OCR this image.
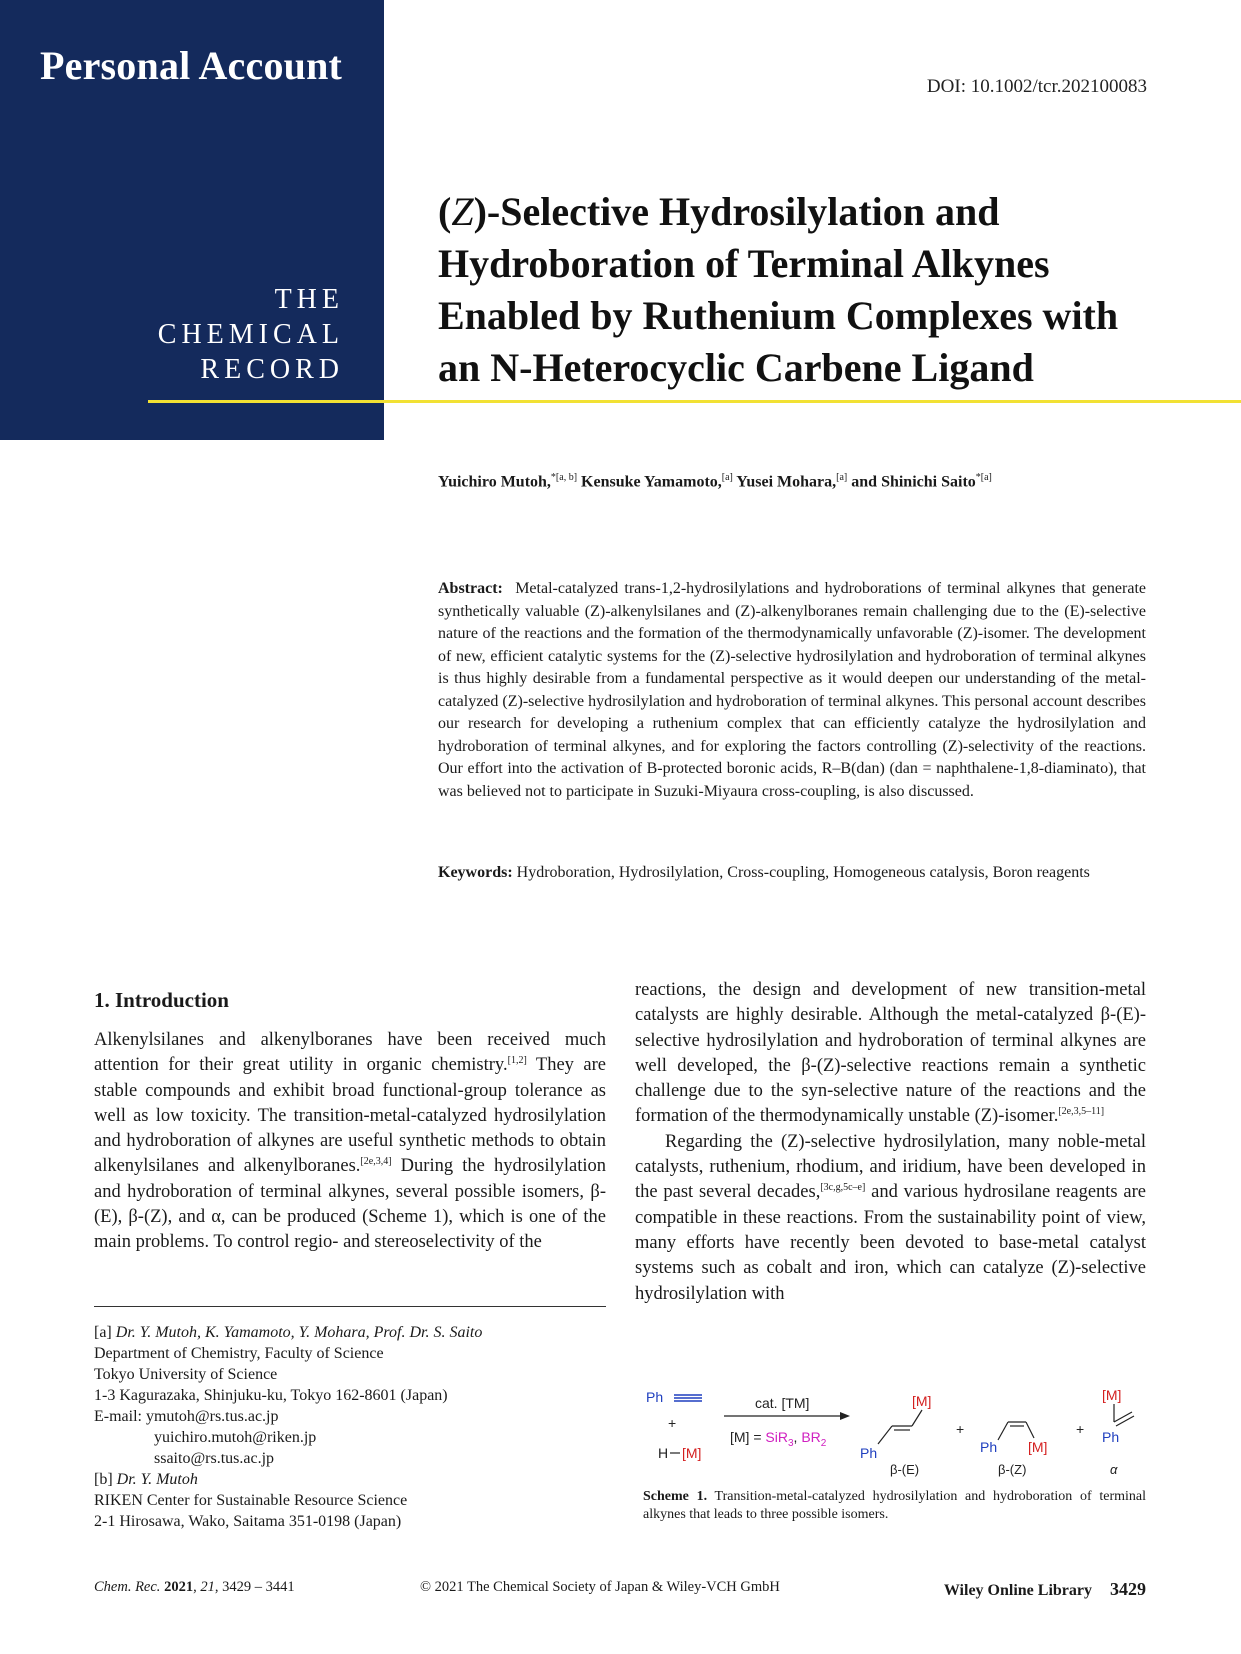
Personal Account
THE
CHEMICAL
RECORD
DOI: 10.1002/tcr.202100083
(Z)-Selective Hydrosilylation and
Hydroboration of Terminal Alkynes
Enabled by Ruthenium Complexes with
an N-Heterocyclic Carbene Ligand
Yuichiro Mutoh,$^{*[a, b]}$ Kensuke Yamamoto,[a] Yusei Mohara,[a] and Shinichi Saito$^{*[a]}$
Abstract: Metal-catalyzed trans-1,2-hydrosilylations and hydroborations of terminal alkynes that generate synthetically valuable (Z)-alkenylsilanes and (Z)-alkenylboranes remain challenging due to the (E)-selective nature of the reactions and the formation of the thermodynamically unfavorable (Z)-isomer. The development of new, efficient catalytic systems for the (Z)-selective hydrosilylation and hydroboration of terminal alkynes is thus highly desirable from a fundamental perspective as it would deepen our understanding of the metal-catalyzed (Z)-selective hydrosilylation and hydroboration of terminal alkynes. This personal account describes our research for developing a ruthenium complex that can efficiently catalyze the hydrosilylation and hydroboration of terminal alkynes, and for exploring the factors controlling (Z)-selectivity of the reactions. Our effort into the activation of B-protected boronic acids, R–B(dan) (dan = naphthalene-1,8-diaminato), that was believed not to participate in Suzuki-Miyaura cross-coupling, is also discussed.
Keywords: Hydroboration, Hydrosilylation, Cross-coupling, Homogeneous catalysis, Boron reagents
1. Introduction

Alkenylsilanes and alkenylboranes have been received much attention for their great utility in organic chemistry.[1,2] They are stable compounds and exhibit broad functional-group tolerance as well as low toxicity. The transition-metal-catalyzed hydrosilylation and hydroboration of alkynes are useful synthetic methods to obtain alkenylsilanes and alkenylboranes.[2e,3,4] During the hydrosilylation and hydroboration of terminal alkynes, several possible isomers, β-(E), β-(Z), and α, can be produced (Scheme 1), which is one of the main problems. To control regio- and stereoselectivity of the

reactions, the design and development of new transition-metal catalysts are highly desirable. Although the metal-catalyzed β-(E)-selective hydrosilylation and hydroboration of terminal alkynes are well developed, the β-(Z)-selective reactions remain a synthetic challenge due to the syn-selective nature of the reactions and the formation of the thermodynamically unstable (Z)-isomer.[2e,3,5–11]

Regarding the (Z)-selective hydrosilylation, many noble-metal catalysts, ruthenium, rhodium, and iridium, have been developed in the past several decades,[3c,g,5c–e] and various hydrosilane reagents are compatible in these reactions. From the sustainability point of view, many efforts have recently been devoted to base-metal catalyst systems such as cobalt and iron, which can catalyze (Z)-selective hydrosilylation with

[a] Dr. Y. Mutoh, K. Yamamoto, Y. Mohara, Prof. Dr. S. Saito
Department of Chemistry, Faculty of Science
Tokyo University of Science
1-3 Kagurazaka, Shinjuku-ku, Tokyo 162-8601 (Japan)
E-mail: ymutoh@rs.tus.ac.jp
yuichiro.mutoh@riken.jp
ssaito@rs.tus.ac.jp
[b] Dr. Y. Mutoh
RIKEN Center for Sustainable Resource Science
2-1 Hirosawa, Wako, Saitama 351-0198 (Japan)
Ph
+
H [M]
cat. [TM]
[M] = SiR$_3$, $BR_2$
Ph
[M]
β-(E)
+
Ph [M]
β-(Z)
+
[M]
Ph
α
Scheme 1. Transition-metal-catalyzed hydrosilylation and hydroboration of terminal alkynes that leads to three possible isomers.
Chem. Rec. 2021, 21, 3429 – 3441	© 2021 The Chemical Society of Japan & Wiley-VCH GmbH	Wiley Online Library 3429
